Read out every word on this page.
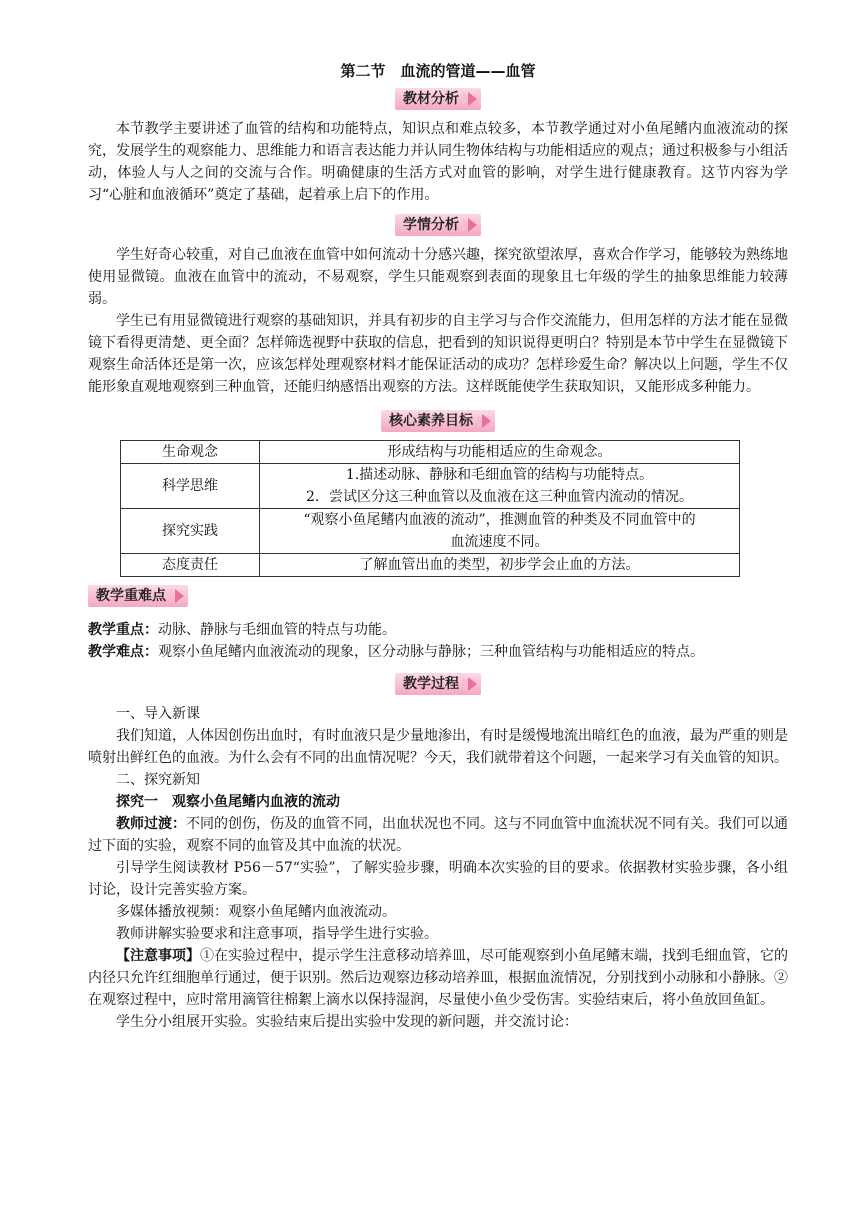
第二节　血流的管道——血管
教材分析

本节教学主要讲述了血管的结构和功能特点，知识点和难点较多，本节教学通过对小鱼尾鳍内血液流动的探究，发展学生的观察能力、思维能力和语言表达能力并认同生物体结构与功能相适应的观点；通过积极参与小组活动，体验人与人之间的交流与合作。明确健康的生活方式对血管的影响，对学生进行健康教育。这节内容为学习“心脏和血液循环”奠定了基础，起着承上启下的作用。

学情分析

学生好奇心较重，对自己血液在血管中如何流动十分感兴趣，探究欲望浓厚，喜欢合作学习，能够较为熟练地使用显微镜。血液在血管中的流动，不易观察，学生只能观察到表面的现象且七年级的学生的抽象思维能力较薄弱。

学生已有用显微镜进行观察的基础知识，并具有初步的自主学习与合作交流能力，但用怎样的方法才能在显微镜下看得更清楚、更全面？怎样筛选视野中获取的信息，把看到的知识说得更明白？特别是本节中学生在显微镜下观察生命活体还是第一次，应该怎样处理观察材料才能保证活动的成功？怎样珍爱生命？解决以上问题，学生不仅能形象直观地观察到三种血管，还能归纳感悟出观察的方法。这样既能使学生获取知识，又能形成多种能力。

核心素养目标
生命观念	形成结构与功能相适应的生命观念。
科学思维	1.描述动脉、静脉和毛细血管的结构与功能特点。
2．尝试区分这三种血管以及血液在这三种血管内流动的情况。

探究实践	“观察小鱼尾鳍内血液的流动”，推测血管的种类及不同血管中的
血流速度不同。

态度责任	了解血管出血的类型，初步学会止血的方法。
教学重难点

教学重点：动脉、静脉与毛细血管的特点与功能。

教学难点：观察小鱼尾鳍内血液流动的现象，区分动脉与静脉；三种血管结构与功能相适应的特点。

教学过程

一、导入新课

我们知道，人体因创伤出血时，有时血液只是少量地渗出，有时是缓慢地流出暗红色的血液，最为严重的则是喷射出鲜红色的血液。为什么会有不同的出血情况呢？今天，我们就带着这个问题，一起来学习有关血管的知识。

二、探究新知

探究一　观察小鱼尾鳍内血液的流动

教师过渡：不同的创伤，伤及的血管不同，出血状况也不同。这与不同血管中血流状况不同有关。我们可以通过下面的实验，观察不同的血管及其中血流的状况。

引导学生阅读教材 P56－57“实验”，了解实验步骤，明确本次实验的目的要求。依据教材实验步骤，各小组讨论，设计完善实验方案。

多媒体播放视频：观察小鱼尾鳍内血液流动。

教师讲解实验要求和注意事项，指导学生进行实验。

【注意事项】①在实验过程中，提示学生注意移动培养皿，尽可能观察到小鱼尾鳍末端，找到毛细血管，它的内径只允许红细胞单行通过，便于识别。然后边观察边移动培养皿，根据血流情况，分别找到小动脉和小静脉。②在观察过程中，应时常用滴管往棉絮上滴水以保持湿润，尽量使小鱼少受伤害。实验结束后，将小鱼放回鱼缸。

学生分小组展开实验。实验结束后提出实验中发现的新问题，并交流讨论：
